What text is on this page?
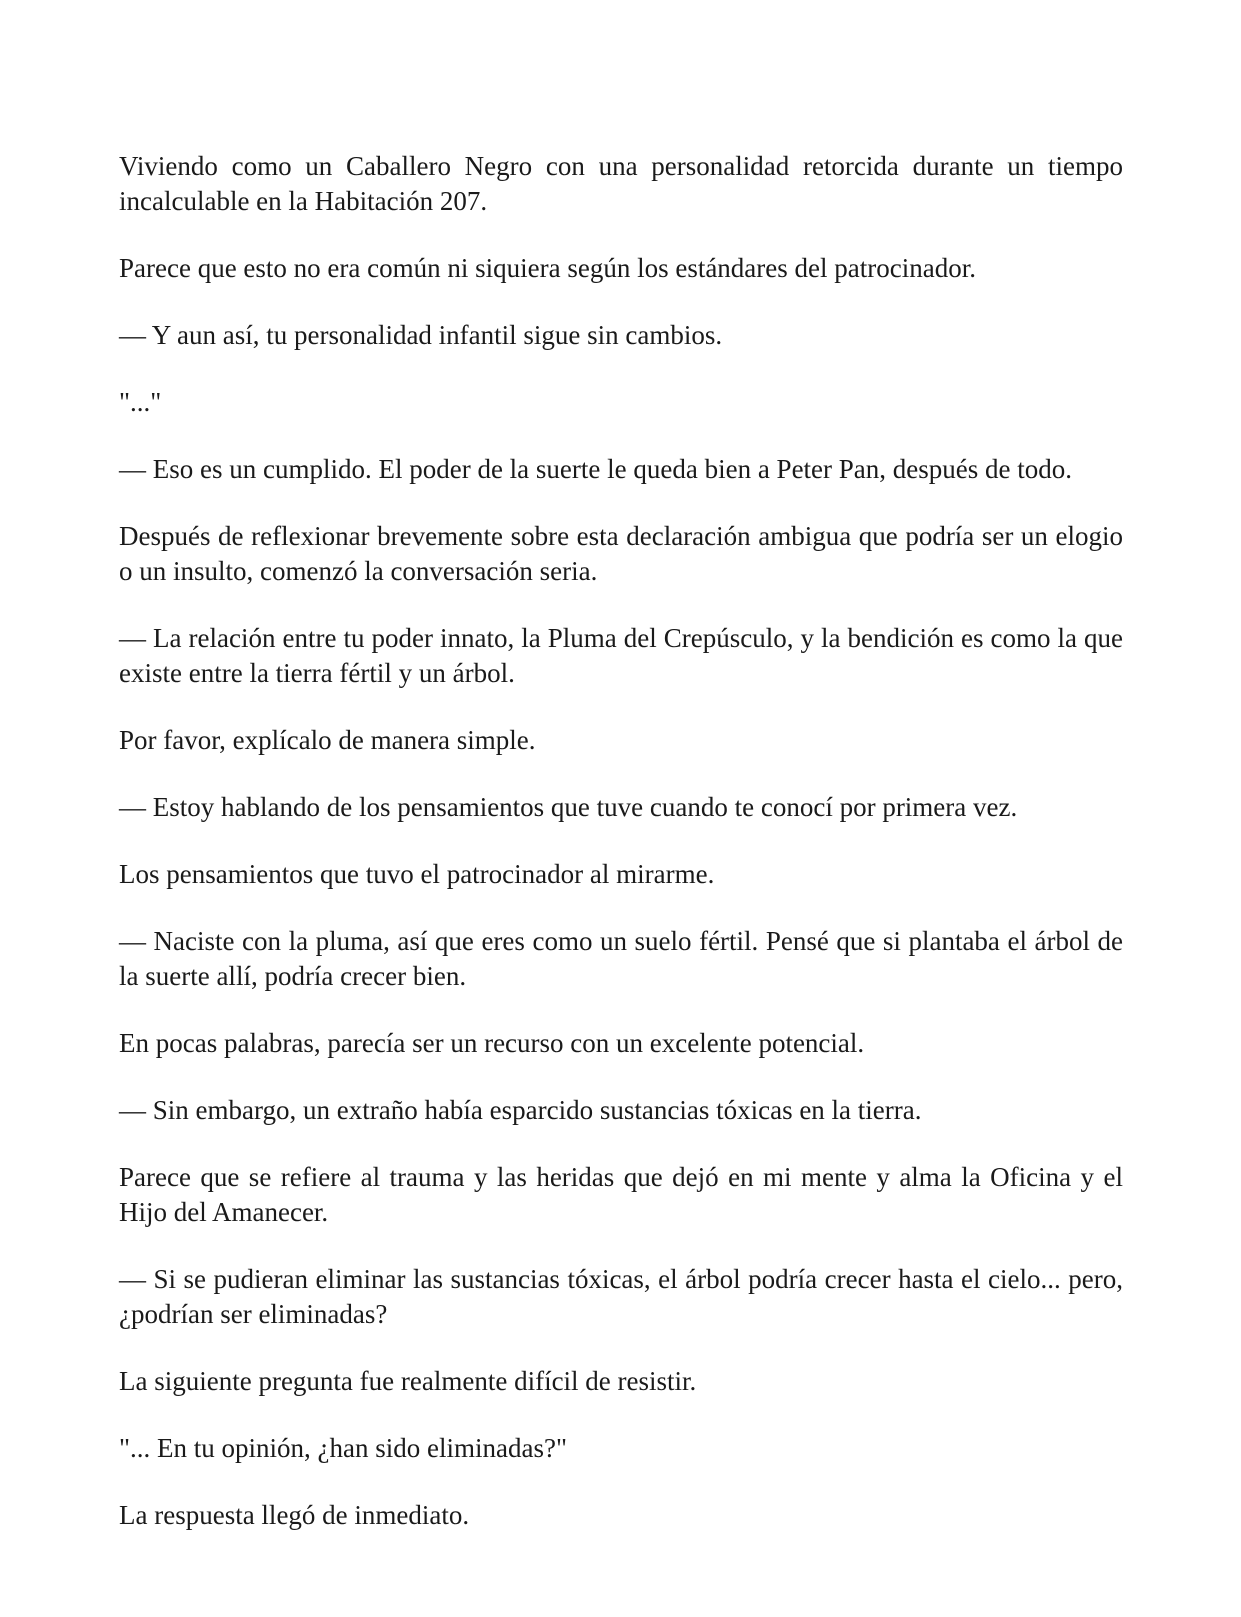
Viviendo como un Caballero Negro con una personalidad retorcida durante un tiempo incalculable en la Habitación 207.

Parece que esto no era común ni siquiera según los estándares del patrocinador.

— Y aun así, tu personalidad infantil sigue sin cambios.

"..."

— Eso es un cumplido. El poder de la suerte le queda bien a Peter Pan, después de todo.

Después de reflexionar brevemente sobre esta declaración ambigua que podría ser un elogio o un insulto, comenzó la conversación seria.

— La relación entre tu poder innato, la Pluma del Crepúsculo, y la bendición es como la que existe entre la tierra fértil y un árbol.

Por favor, explícalo de manera simple.

— Estoy hablando de los pensamientos que tuve cuando te conocí por primera vez.

Los pensamientos que tuvo el patrocinador al mirarme.

— Naciste con la pluma, así que eres como un suelo fértil. Pensé que si plantaba el árbol de la suerte allí, podría crecer bien.

En pocas palabras, parecía ser un recurso con un excelente potencial.

— Sin embargo, un extraño había esparcido sustancias tóxicas en la tierra.

Parece que se refiere al trauma y las heridas que dejó en mi mente y alma la Oficina y el Hijo del Amanecer.

— Si se pudieran eliminar las sustancias tóxicas, el árbol podría crecer hasta el cielo... pero, ¿podrían ser eliminadas?

La siguiente pregunta fue realmente difícil de resistir.

"... En tu opinión, ¿han sido eliminadas?"

La respuesta llegó de inmediato.
